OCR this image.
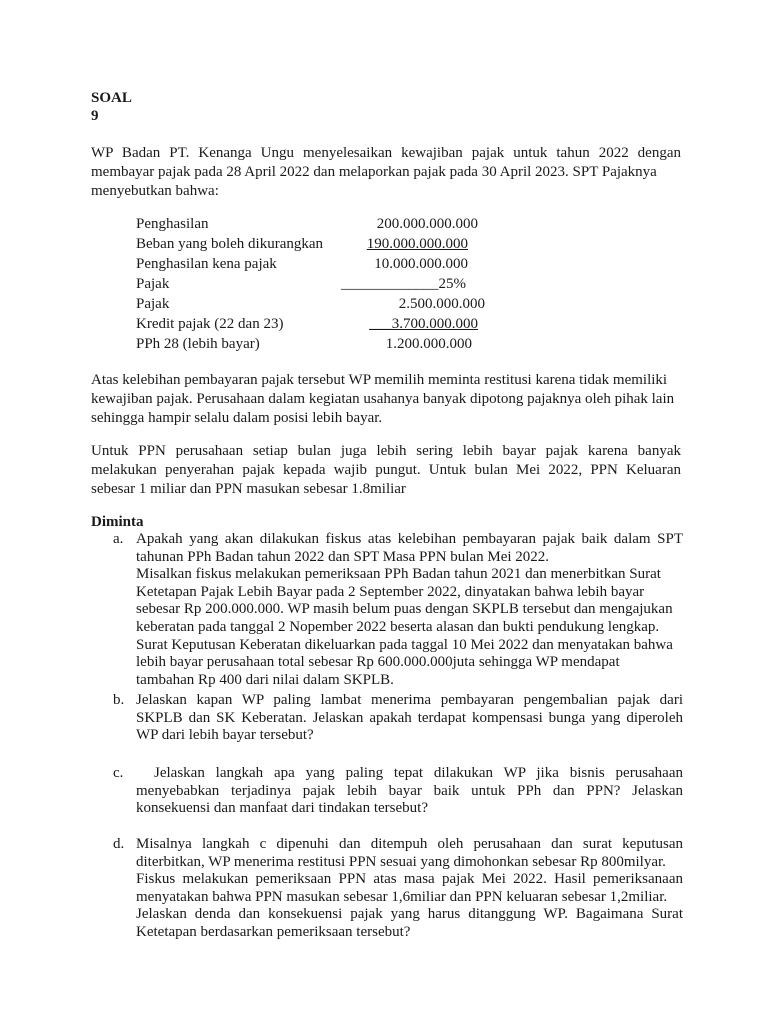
SOAL
9
WP Badan PT. Kenanga Ungu menyelesaikan kewajiban pajak untuk tahun 2022 dengan
membayar pajak pada 28 April 2022 dan melaporkan pajak pada 30 April 2023. SPT Pajaknya
menyebutkan bahwa:
Penghasilan	200.000.000.000
Beban yang boleh dikurangkan	190.000.000.000
Penghasilan kena pajak	10.000.000.000
Pajak	_____________25%
Pajak	2.500.000.000
Kredit pajak (22 dan 23)	___3.700.000.000
PPh 28 (lebih bayar)	1.200.000.000
Atas kelebihan pembayaran pajak tersebut WP memilih meminta restitusi karena tidak memiliki
kewajiban pajak. Perusahaan dalam kegiatan usahanya banyak dipotong pajaknya oleh pihak lain
sehingga hampir selalu dalam posisi lebih bayar.
Untuk PPN perusahaan setiap bulan juga lebih sering lebih bayar pajak karena banyak
melakukan penyerahan pajak kepada wajib pungut. Untuk bulan Mei 2022, PPN Keluaran
sebesar 1 miliar dan PPN masukan sebesar 1.8miliar
Diminta
a. Apakah yang akan dilakukan fiskus atas kelebihan pembayaran pajak baik dalam SPT
tahunan PPh Badan tahun 2022 dan SPT Masa PPN bulan Mei 2022.
Misalkan fiskus melakukan pemeriksaan PPh Badan tahun 2021 dan menerbitkan Surat
Ketetapan Pajak Lebih Bayar pada 2 September 2022, dinyatakan bahwa lebih bayar
sebesar Rp 200.000.000. WP masih belum puas dengan SKPLB tersebut dan mengajukan
keberatan pada tanggal 2 Nopember 2022 beserta alasan dan bukti pendukung lengkap.
Surat Keputusan Keberatan dikeluarkan pada taggal 10 Mei 2022 dan menyatakan bahwa
lebih bayar perusahaan total sebesar Rp 600.000.000juta sehingga WP mendapat
tambahan Rp 400 dari nilai dalam SKPLB.
b. Jelaskan kapan WP paling lambat menerima pembayaran pengembalian pajak dari
SKPLB dan SK Keberatan. Jelaskan apakah terdapat kompensasi bunga yang diperoleh
WP dari lebih bayar tersebut?
c.	Jelaskan langkah apa yang paling tepat dilakukan WP jika bisnis perusahaan
menyebabkan terjadinya pajak lebih bayar baik untuk PPh dan PPN? Jelaskan
konsekuensi dan manfaat dari tindakan tersebut?
d. Misalnya langkah c dipenuhi dan ditempuh oleh perusahaan dan surat keputusan
diterbitkan, WP menerima restitusi PPN sesuai yang dimohonkan sebesar Rp 800milyar.
Fiskus melakukan pemeriksaan PPN atas masa pajak Mei 2022. Hasil pemeriksanaan
menyatakan bahwa PPN masukan sebesar 1,6miliar dan PPN keluaran sebesar 1,2miliar.
Jelaskan denda dan konsekuensi pajak yang harus ditanggung WP. Bagaimana Surat
Ketetapan berdasarkan pemeriksaan tersebut?
